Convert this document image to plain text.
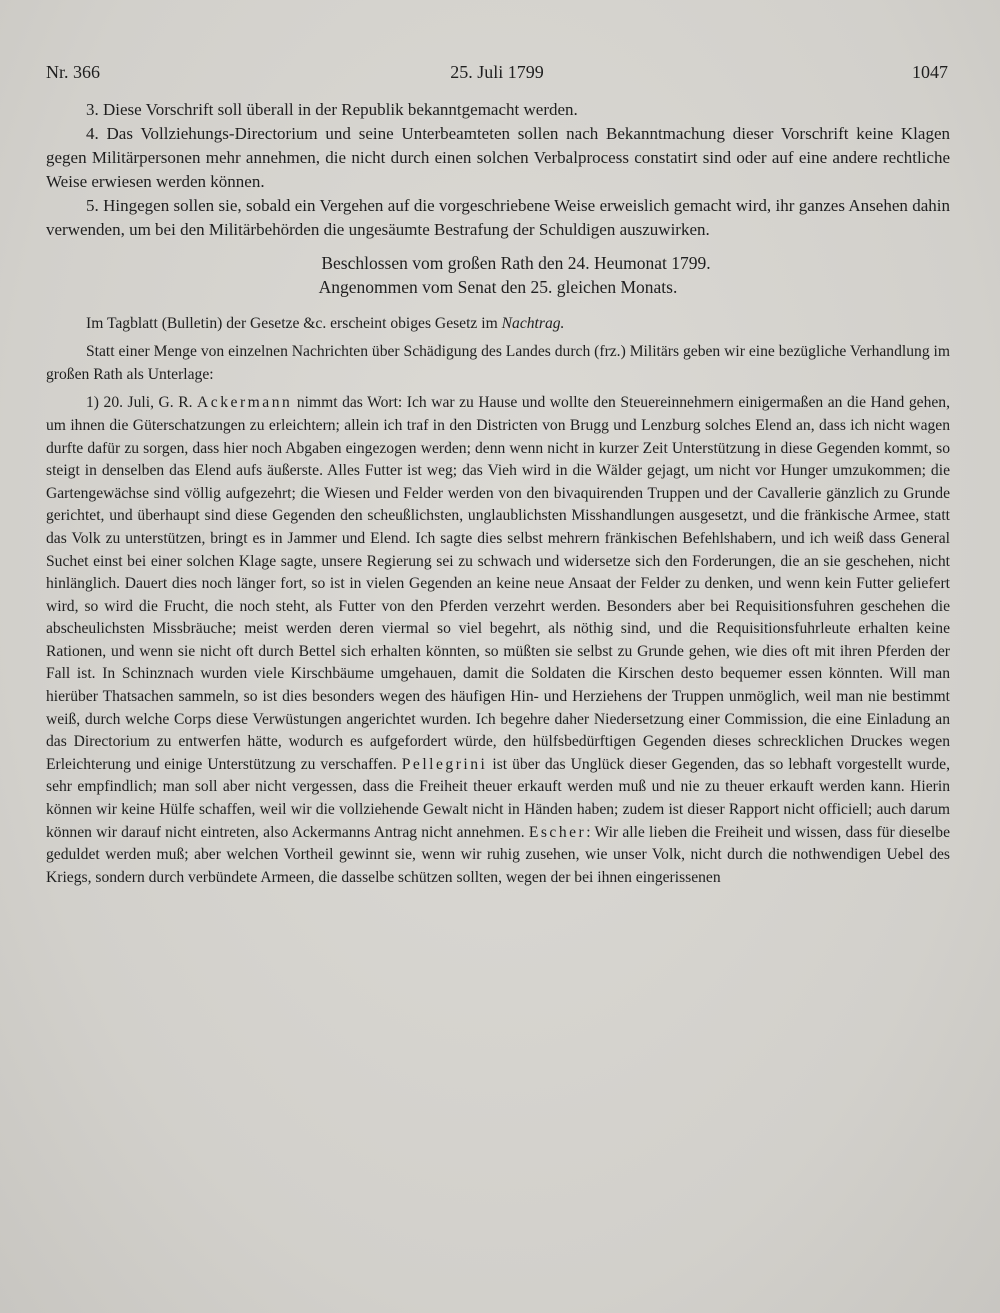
Nr. 366	25. Juli 1799	1047

3. Diese Vorschrift soll überall in der Republik bekanntgemacht werden.

4. Das Vollziehungs-Directorium und seine Unterbeamteten sollen nach Bekanntmachung dieser Vorschrift keine Klagen gegen Militärpersonen mehr annehmen, die nicht durch einen solchen Verbalprocess constatirt sind oder auf eine andere rechtliche Weise erwiesen werden können.

5. Hingegen sollen sie, sobald ein Vergehen auf die vorgeschriebene Weise erweislich gemacht wird, ihr ganzes Ansehen dahin verwenden, um bei den Militärbehörden die ungesäumte Bestrafung der Schuldigen auszuwirken.

Beschlossen vom großen Rath den 24. Heumonat 1799.

Angenommen vom Senat den 25. gleichen Monats.

Im Tagblatt (Bulletin) der Gesetze &c. erscheint obiges Gesetz im Nachtrag.

Statt einer Menge von einzelnen Nachrichten über Schädigung des Landes durch (frz.) Militärs geben wir eine bezügliche Verhandlung im großen Rath als Unterlage:

1) 20. Juli, G. R. Ackermann nimmt das Wort: Ich war zu Hause und wollte den Steuereinnehmern einigermaßen an die Hand gehen, um ihnen die Güterschatzungen zu erleichtern; allein ich traf in den Districten von Brugg und Lenzburg solches Elend an, dass ich nicht wagen durfte dafür zu sorgen, dass hier noch Abgaben eingezogen werden; denn wenn nicht in kurzer Zeit Unterstützung in diese Gegenden kommt, so steigt in denselben das Elend aufs äußerste. Alles Futter ist weg; das Vieh wird in die Wälder gejagt, um nicht vor Hunger umzukommen; die Gartengewächse sind völlig aufgezehrt; die Wiesen und Felder werden von den bivaquirenden Truppen und der Cavallerie gänzlich zu Grunde gerichtet, und überhaupt sind diese Gegenden den scheußlichsten, unglaublichsten Misshandlungen ausgesetzt, und die fränkische Armee, statt das Volk zu unterstützen, bringt es in Jammer und Elend. Ich sagte dies selbst mehrern fränkischen Befehlshabern, und ich weiß dass General Suchet einst bei einer solchen Klage sagte, unsere Regierung sei zu schwach und widersetze sich den Forderungen, die an sie geschehen, nicht hinlänglich. Dauert dies noch länger fort, so ist in vielen Gegenden an keine neue Ansaat der Felder zu denken, und wenn kein Futter geliefert wird, so wird die Frucht, die noch steht, als Futter von den Pferden verzehrt werden. Besonders aber bei Requisitionsfuhren geschehen die abscheulichsten Missbräuche; meist werden deren viermal so viel begehrt, als nöthig sind, und die Requisitionsfuhrleute erhalten keine Rationen, und wenn sie nicht oft durch Bettel sich erhalten könnten, so müßten sie selbst zu Grunde gehen, wie dies oft mit ihren Pferden der Fall ist. In Schinznach wurden viele Kirschbäume umgehauen, damit die Soldaten die Kirschen desto bequemer essen könnten. Will man hierüber Thatsachen sammeln, so ist dies besonders wegen des häufigen Hin- und Herziehens der Truppen unmöglich, weil man nie bestimmt weiß, durch welche Corps diese Verwüstungen angerichtet wurden. Ich begehre daher Niedersetzung einer Commission, die eine Einladung an das Directorium zu entwerfen hätte, wodurch es aufgefordert würde, den hülfsbedürftigen Gegenden dieses schrecklichen Druckes wegen Erleichterung und einige Unterstützung zu verschaffen. Pellegrini ist über das Unglück dieser Gegenden, das so lebhaft vorgestellt wurde, sehr empfindlich; man soll aber nicht vergessen, dass die Freiheit theuer erkauft werden muß und nie zu theuer erkauft werden kann. Hierin können wir keine Hülfe schaffen, weil wir die vollziehende Gewalt nicht in Händen haben; zudem ist dieser Rapport nicht officiell; auch darum können wir darauf nicht eintreten, also Ackermanns Antrag nicht annehmen. Escher: Wir alle lieben die Freiheit und wissen, dass für dieselbe geduldet werden muß; aber welchen Vortheil gewinnt sie, wenn wir ruhig zusehen, wie unser Volk, nicht durch die nothwendigen Uebel des Kriegs, sondern durch verbündete Armeen, die dasselbe schützen sollten, wegen der bei ihnen eingerissenen
